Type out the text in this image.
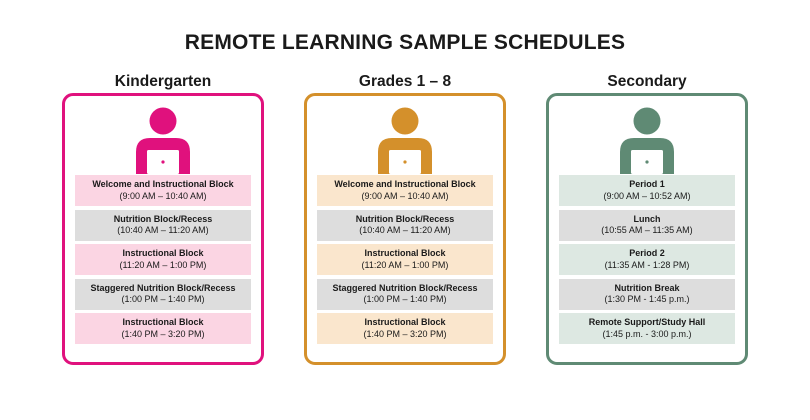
REMOTE LEARNING SAMPLE SCHEDULES
Kindergarten
Welcome and Instructional Block
(9:00 AM – 10:40 AM)
Nutrition Block/Recess
(10:40 AM – 11:20 AM)
Instructional Block
(11:20 AM – 1:00 PM)
Staggered Nutrition Block/Recess
(1:00 PM – 1:40 PM)
Instructional Block
(1:40 PM – 3:20 PM)
Grades 1 – 8
Welcome and Instructional Block
(9:00 AM – 10:40 AM)
Nutrition Block/Recess
(10:40 AM – 11:20 AM)
Instructional Block
(11:20 AM – 1:00 PM)
Staggered Nutrition Block/Recess
(1:00 PM – 1:40 PM)
Instructional Block
(1:40 PM – 3:20 PM)
Secondary
Period 1
(9:00 AM – 10:52 AM)
Lunch
(10:55 AM – 11:35 AM)
Period 2
(11:35 AM - 1:28 PM)
Nutrition Break
(1:30 PM - 1:45 p.m.)
Remote Support/Study Hall
(1:45 p.m. - 3:00 p.m.)
